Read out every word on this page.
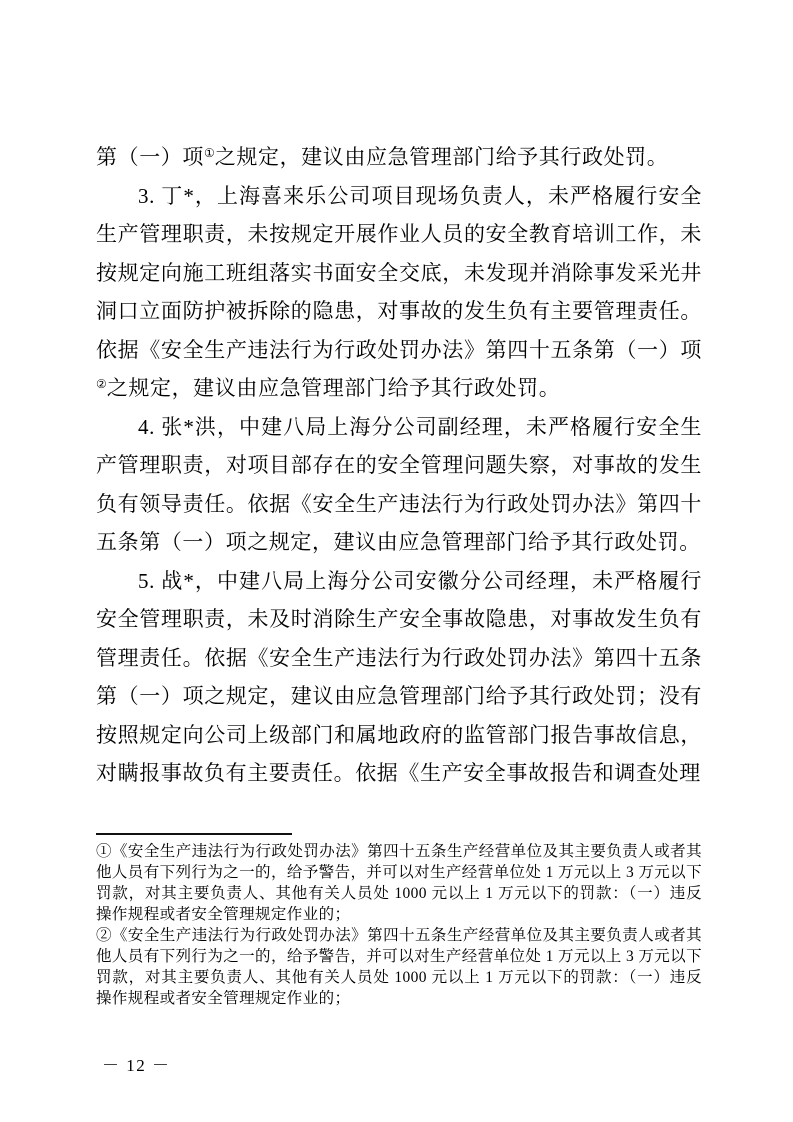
第（一）项①之规定，建议由应急管理部门给予其行政处罚。

3. 丁*，上海喜来乐公司项目现场负责人，未严格履行安全生产管理职责，未按规定开展作业人员的安全教育培训工作，未按规定向施工班组落实书面安全交底，未发现并消除事发采光井洞口立面防护被拆除的隐患，对事故的发生负有主要管理责任。依据《安全生产违法行为行政处罚办法》第四十五条第（一）项②之规定，建议由应急管理部门给予其行政处罚。

4. 张*洪，中建八局上海分公司副经理，未严格履行安全生产管理职责，对项目部存在的安全管理问题失察，对事故的发生负有领导责任。依据《安全生产违法行为行政处罚办法》第四十五条第（一）项之规定，建议由应急管理部门给予其行政处罚。

5. 战*，中建八局上海分公司安徽分公司经理，未严格履行安全管理职责，未及时消除生产安全事故隐患，对事故发生负有管理责任。依据《安全生产违法行为行政处罚办法》第四十五条第（一）项之规定，建议由应急管理部门给予其行政处罚；没有按照规定向公司上级部门和属地政府的监管部门报告事故信息，对瞒报事故负有主要责任。依据《生产安全事故报告和调查处理

①《安全生产违法行为行政处罚办法》第四十五条生产经营单位及其主要负责人或者其他人员有下列行为之一的，给予警告，并可以对生产经营单位处 1 万元以上 3 万元以下罚款，对其主要负责人、其他有关人员处 1000 元以上 1 万元以下的罚款：（一）违反操作规程或者安全管理规定作业的；

②《安全生产违法行为行政处罚办法》第四十五条生产经营单位及其主要负责人或者其他人员有下列行为之一的，给予警告，并可以对生产经营单位处 1 万元以上 3 万元以下罚款，对其主要负责人、其他有关人员处 1000 元以上 1 万元以下的罚款：（一）违反操作规程或者安全管理规定作业的；

－ 12 －
